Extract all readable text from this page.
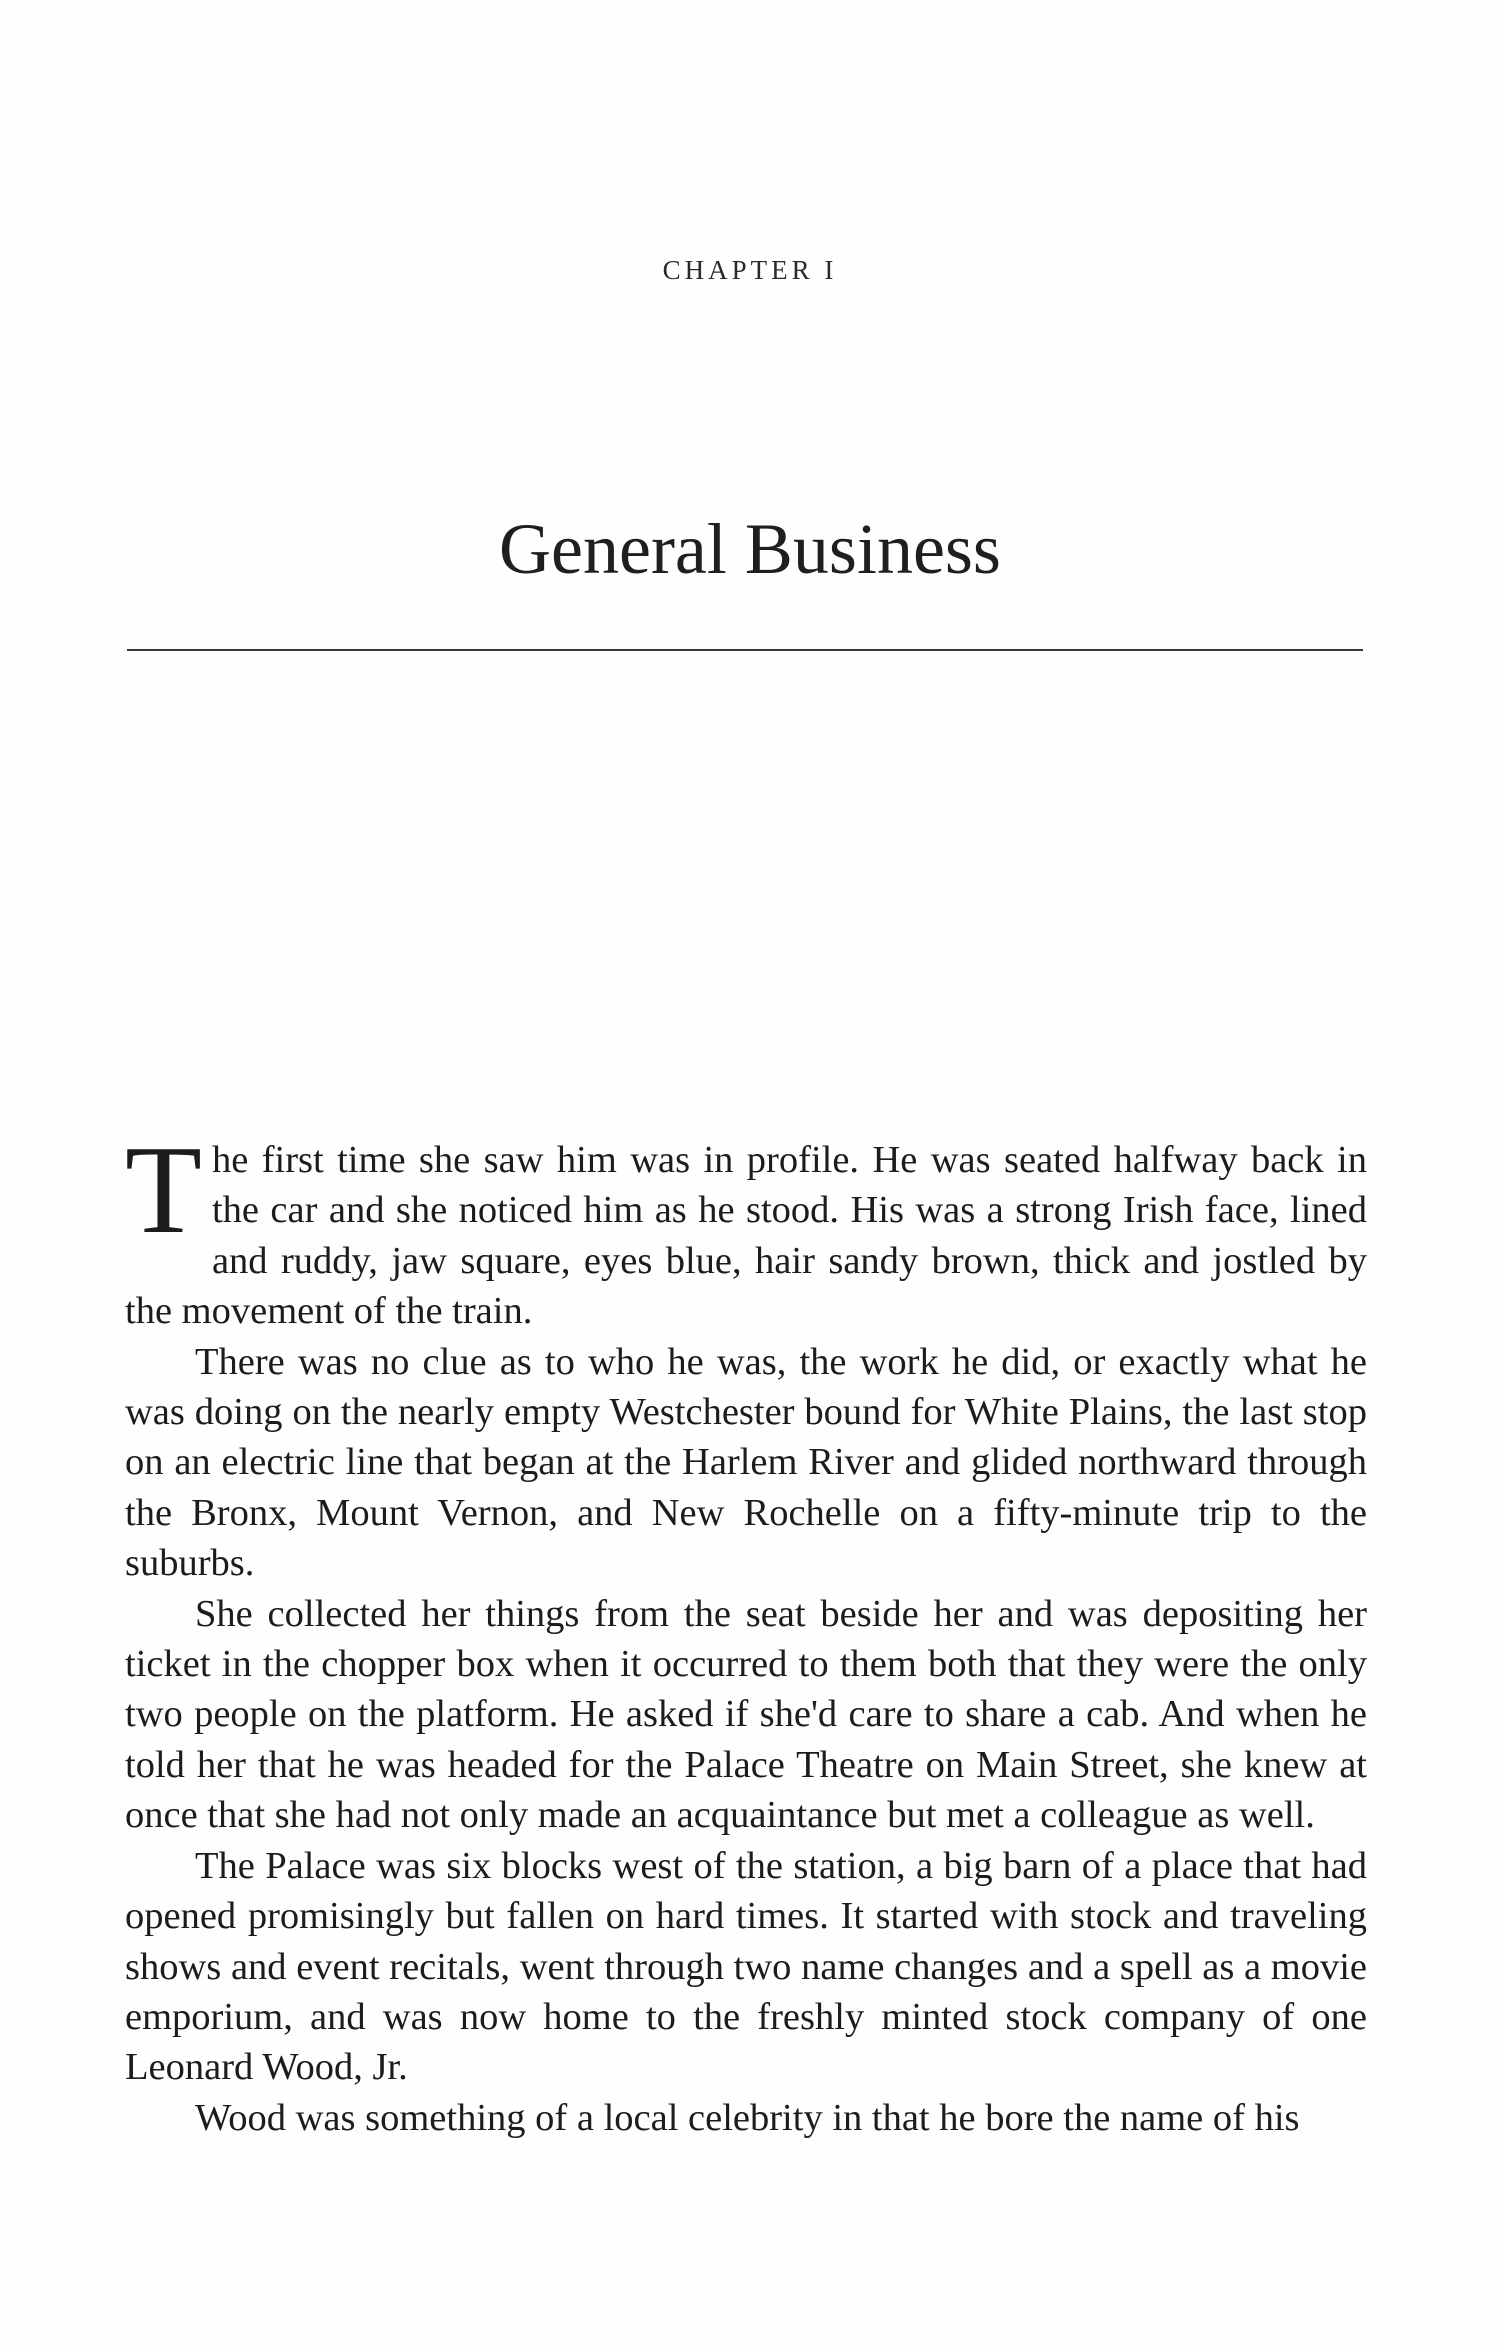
CHAPTER I
General Business

The first time she saw him was in profile. He was seated halfway back in the car and she noticed him as he stood. His was a strong Irish face, lined and ruddy, jaw square, eyes blue, hair sandy brown, thick and jostled by the movement of the train.

There was no clue as to who he was, the work he did, or exactly what he was doing on the nearly empty Westchester bound for White Plains, the last stop on an electric line that began at the Harlem River and glided northward through the Bronx, Mount Vernon, and New Rochelle on a fifty-minute trip to the suburbs.

She collected her things from the seat beside her and was depositing her ticket in the chopper box when it occurred to them both that they were the only two people on the platform. He asked if she'd care to share a cab. And when he told her that he was headed for the Palace Theatre on Main Street, she knew at once that she had not only made an acquaintance but met a colleague as well.

The Palace was six blocks west of the station, a big barn of a place that had opened promisingly but fallen on hard times. It started with stock and traveling shows and event recitals, went through two name changes and a spell as a movie emporium, and was now home to the freshly minted stock company of one Leonard Wood, Jr.

Wood was something of a local celebrity in that he bore the name of his
